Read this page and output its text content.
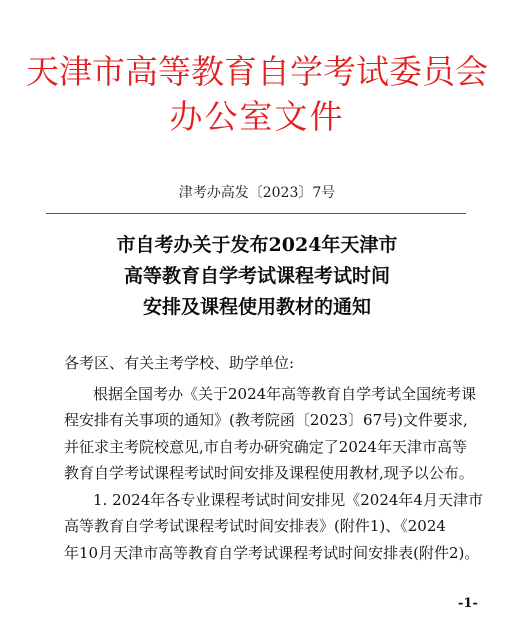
天津市高等教育自学考试委员会
办公室文件
津考办高发〔2023〕7号
市自考办关于发布2024年天津市
高等教育自学考试课程考试时间
安排及课程使用教材的通知
各考区、有关主考学校、助学单位:
根据全国考办《关于2024年高等教育自学考试全国统考课
程安排有关事项的通知》(教考院函〔2023〕67号)文件要求,
并征求主考院校意见,市自考办研究确定了2024年天津市高等
教育自学考试课程考试时间安排及课程使用教材,现予以公布。
1. 2024年各专业课程考试时间安排见《2024年4月天津市
高等教育自学考试课程考试时间安排表》(附件1)、《2024
年10月天津市高等教育自学考试课程考试时间安排表(附件2)。
-1-
